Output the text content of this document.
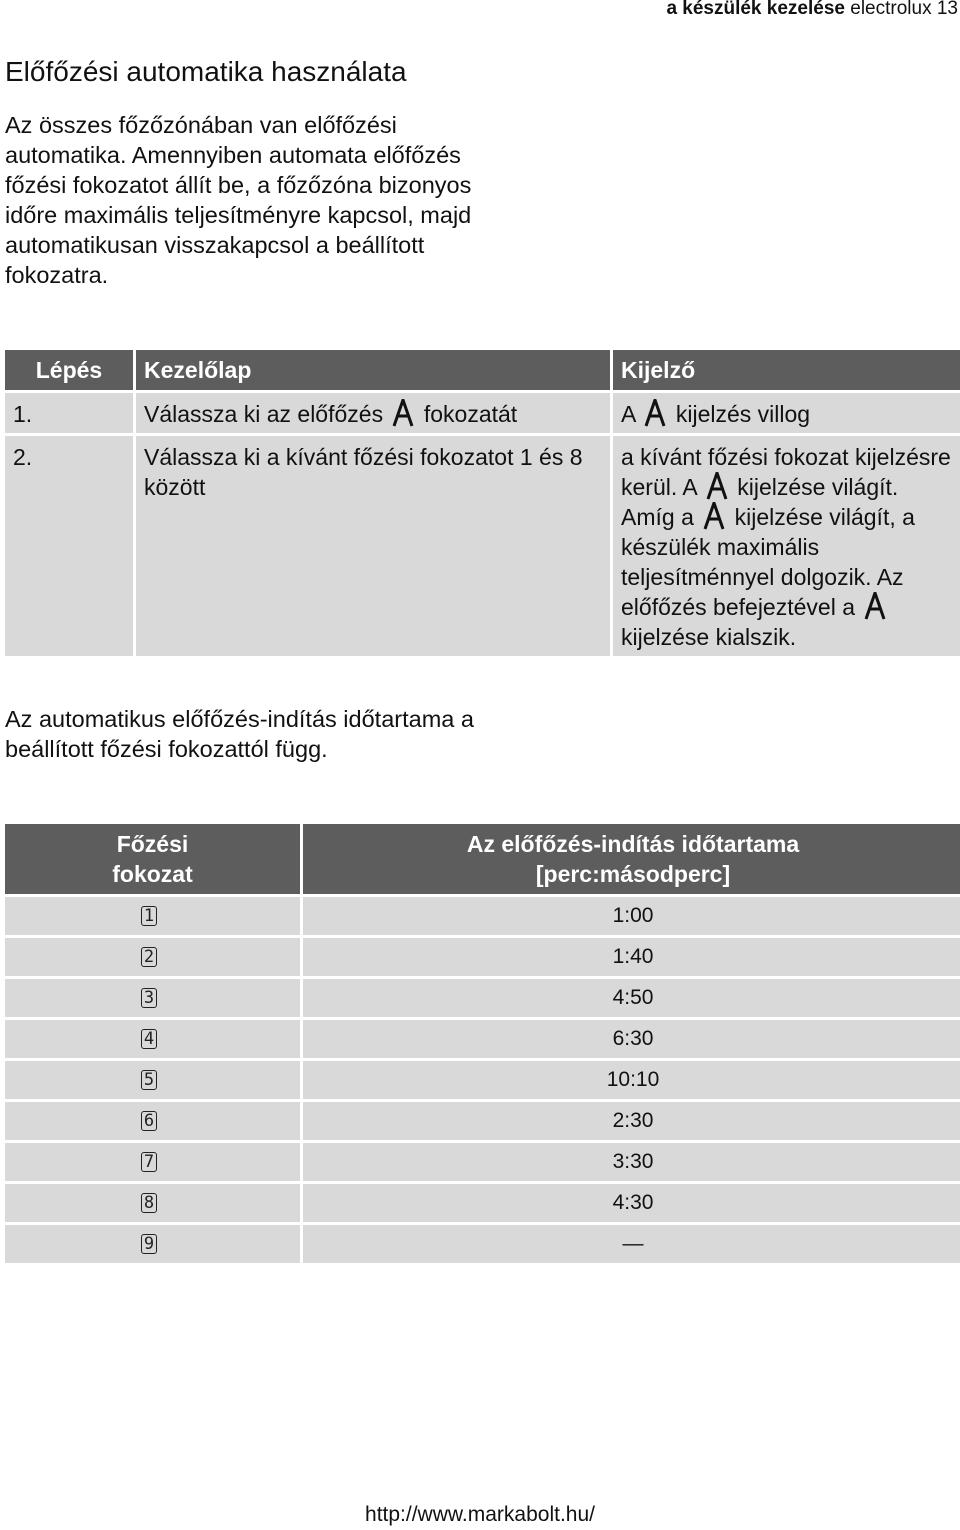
a készülék kezelése electrolux 13
Előfőzési automatika használata

Az összes főzőzónában van előfőzési automatika. Amennyiben automata előfőzés főzési fokozatot állít be, a főzőzóna bizonyos időre maximális teljesítményre kapcsol, majd automatikusan visszakapcsol a beállított fokozatra.

Lépés	Kezelőlap	Kijelző
1.	Válassza ki az előfőzés fokozatát	A kijelzés villog
2.	Válassza ki a kívánt főzési fokozatot 1 és 8 között	a kívánt főzési fokozat kijelzésre kerül. A kijelzése világít. Amíg a kijelzése világít, a készülék maximális teljesítménnyel dolgozik. Az előfőzés befejeztével a  kijelzése kialszik.

Az automatikus előfőzés-indítás időtartama a beállított főzési fokozattól függ.

Főzési
fokozat	Az előfőzés-indítás időtartama
[perc:másodperc]
1	1:00
2	1:40
3	4:50
4	6:30
5	10:10
6	2:30
7	3:30
8	4:30
9	—
http://www.markabolt.hu/
